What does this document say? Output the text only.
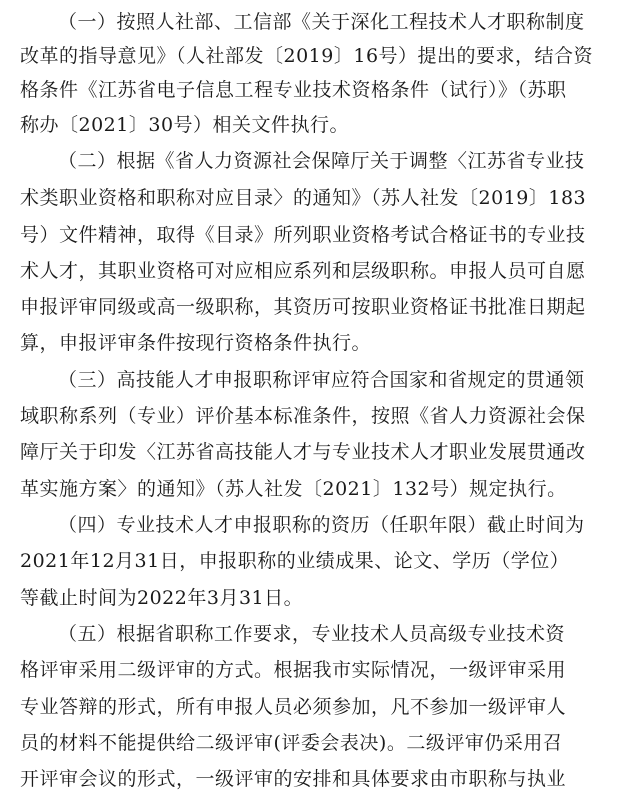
（一）按照人社部、工信部《关于深化工程技术人才职称制度
改革的指导意见》（人社部发〔2019〕16号）提出的要求，结合资
格条件《江苏省电子信息工程专业技术资格条件（试行）》（苏职
称办〔2021〕30号）相关文件执行。
（二）根据《省人力资源社会保障厅关于调整〈江苏省专业技
术类职业资格和职称对应目录〉的通知》（苏人社发〔2019〕183
号）文件精神，取得《目录》所列职业资格考试合格证书的专业技
术人才，其职业资格可对应相应系列和层级职称。申报人员可自愿
申报评审同级或高一级职称，其资历可按职业资格证书批准日期起
算，申报评审条件按现行资格条件执行。
（三）高技能人才申报职称评审应符合国家和省规定的贯通领
域职称系列（专业）评价基本标准条件，按照《省人力资源社会保
障厅关于印发〈江苏省高技能人才与专业技术人才职业发展贯通改
革实施方案〉的通知》（苏人社发〔2021〕132号）规定执行。
（四）专业技术人才申报职称的资历（任职年限）截止时间为
2021年12月31日，申报职称的业绩成果、论文、学历（学位）
等截止时间为2022年3月31日。
（五）根据省职称工作要求，专业技术人员高级专业技术资
格评审采用二级评审的方式。根据我市实际情况，一级评审采用
专业答辩的形式，所有申报人员必须参加，凡不参加一级评审人
员的材料不能提供给二级评审(评委会表决)。二级评审仍采用召
开评审会议的形式，一级评审的安排和具体要求由市职称与执业
